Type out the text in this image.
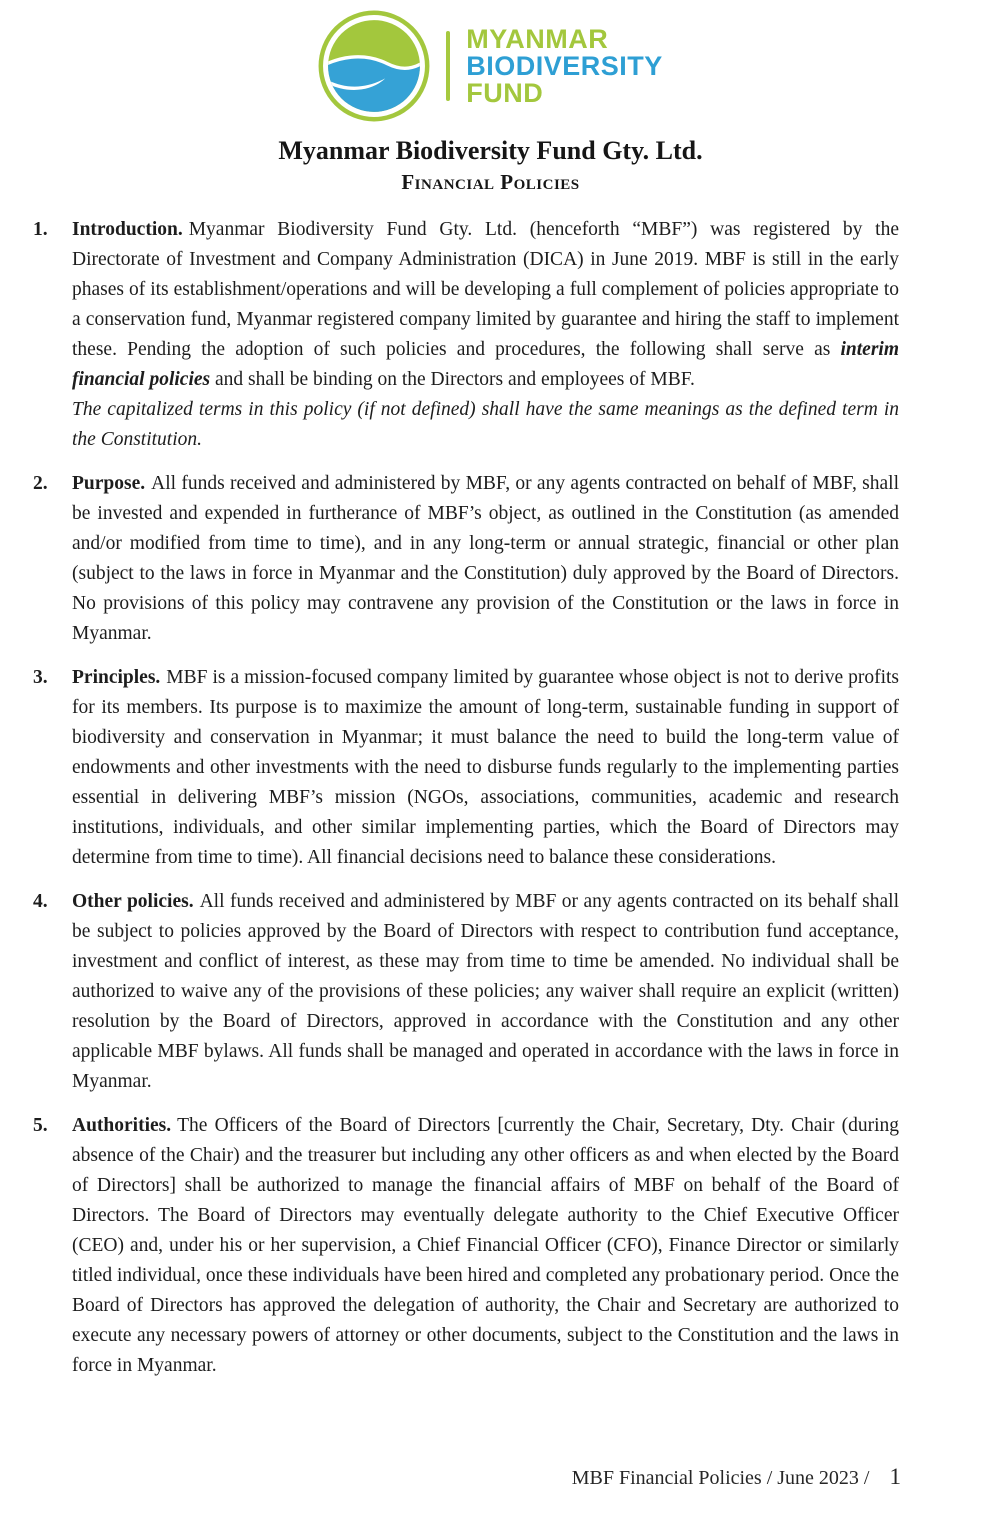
MYANMAR
BIODIVERSITY
FUND
Myanmar Biodiversity Fund Gty. Ltd.
Financial Policies
1. Introduction. Myanmar Biodiversity Fund Gty. Ltd. (henceforth “MBF”) was registered by the Directorate of Investment and Company Administration (DICA) in June 2019. MBF is still in the early phases of its establishment/operations and will be developing a full complement of policies appropriate to a conservation fund, Myanmar registered company limited by guarantee and hiring the staff to implement these. Pending the adoption of such policies and procedures, the following shall serve as interim financial policies and shall be binding on the Directors and employees of MBF.
The capitalized terms in this policy (if not defined) shall have the same meanings as the defined term in the Constitution.
2. Purpose. All funds received and administered by MBF, or any agents contracted on behalf of MBF, shall be invested and expended in furtherance of MBF’s object, as outlined in the Constitution (as amended and/or modified from time to time), and in any long-term or annual strategic, financial or other plan (subject to the laws in force in Myanmar and the Constitution) duly approved by the Board of Directors. No provisions of this policy may contravene any provision of the Constitution or the laws in force in Myanmar.
3. Principles. MBF is a mission-focused company limited by guarantee whose object is not to derive profits for its members. Its purpose is to maximize the amount of long-term, sustainable funding in support of biodiversity and conservation in Myanmar; it must balance the need to build the long-term value of endowments and other investments with the need to disburse funds regularly to the implementing parties essential in delivering MBF’s mission (NGOs, associations, communities, academic and research institutions, individuals, and other similar implementing parties, which the Board of Directors may determine from time to time). All financial decisions need to balance these considerations.
4. Other policies. All funds received and administered by MBF or any agents contracted on its behalf shall be subject to policies approved by the Board of Directors with respect to contribution fund acceptance, investment and conflict of interest, as these may from time to time be amended. No individual shall be authorized to waive any of the provisions of these policies; any waiver shall require an explicit (written) resolution by the Board of Directors, approved in accordance with the Constitution and any other applicable MBF bylaws. All funds shall be managed and operated in accordance with the laws in force in Myanmar.
5. Authorities. The Officers of the Board of Directors [currently the Chair, Secretary, Dty. Chair (during absence of the Chair) and the treasurer but including any other officers as and when elected by the Board of Directors] shall be authorized to manage the financial affairs of MBF on behalf of the Board of Directors. The Board of Directors may eventually delegate authority to the Chief Executive Officer (CEO) and, under his or her supervision, a Chief Financial Officer (CFO), Finance Director or similarly titled individual, once these individuals have been hired and completed any probationary period. Once the Board of Directors has approved the delegation of authority, the Chair and Secretary are authorized to execute any necessary powers of attorney or other documents, subject to the Constitution and the laws in force in Myanmar.
MBF Financial Policies / June 2023 / 1
